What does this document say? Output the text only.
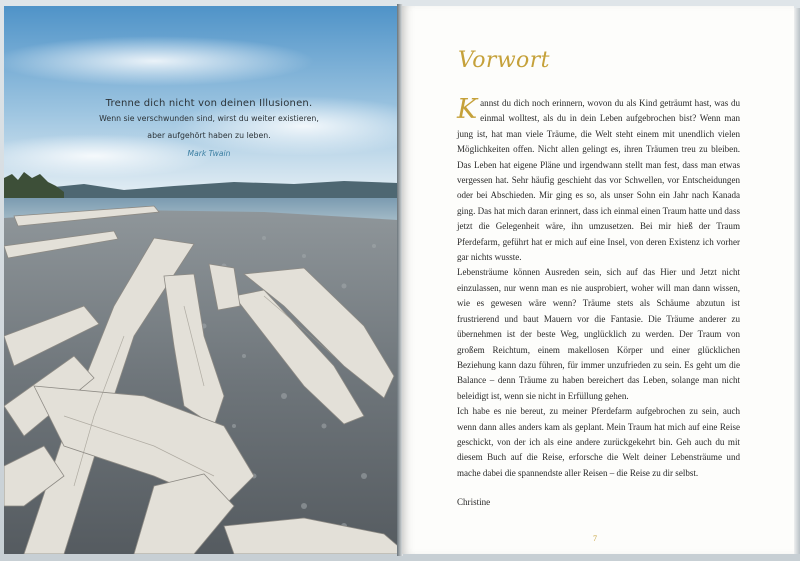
Trenne dich nicht von deinen Illusionen.
Wenn sie verschwunden sind, wirst du weiter existieren,
aber aufgehört haben zu leben.
Mark Twain
Vorwort

Kannst du dich noch erinnern, wovon du als Kind geträumt hast, was du einmal wolltest, als du in dein Leben aufgebrochen bist? Wenn man jung ist, hat man viele Träume, die Welt steht einem mit unendlich vielen Möglichkeiten offen. Nicht allen gelingt es, ihren Träumen treu zu bleiben. Das Leben hat eigene Pläne und irgendwann stellt man fest, dass man etwas vergessen hat. Sehr häufig geschieht das vor Schwellen, vor Entscheidungen oder bei Abschieden. Mir ging es so, als unser Sohn ein Jahr nach Kanada ging. Das hat mich daran erinnert, dass ich einmal einen Traum hatte und dass jetzt die Gelegenheit wäre, ihn umzusetzen. Bei mir hieß der Traum Pferdefarm, geführt hat er mich auf eine Insel, von deren Existenz ich vorher gar nichts wusste.

Lebensträume können Ausreden sein, sich auf das Hier und Jetzt nicht einzulassen, nur wenn man es nie ausprobiert, woher will man dann wissen, wie es gewesen wäre wenn? Träume stets als Schäume abzutun ist frustrierend und baut Mauern vor die Fantasie. Die Träume anderer zu übernehmen ist der beste Weg, unglücklich zu werden. Der Traum von großem Reichtum, einem makellosen Körper und einer glücklichen Beziehung kann dazu führen, für immer unzufrieden zu sein. Es geht um die Balance – denn Träume zu haben bereichert das Leben, solange man nicht beleidigt ist, wenn sie nicht in Erfüllung gehen.

Ich habe es nie bereut, zu meiner Pferdefarm aufgebrochen zu sein, auch wenn dann alles anders kam als geplant. Mein Traum hat mich auf eine Reise geschickt, von der ich als eine andere zurückgekehrt bin. Geh auch du mit diesem Buch auf die Reise, erforsche die Welt deiner Lebensträume und mache dabei die spannendste aller Reisen – die Reise zu dir selbst.

Christine

7
